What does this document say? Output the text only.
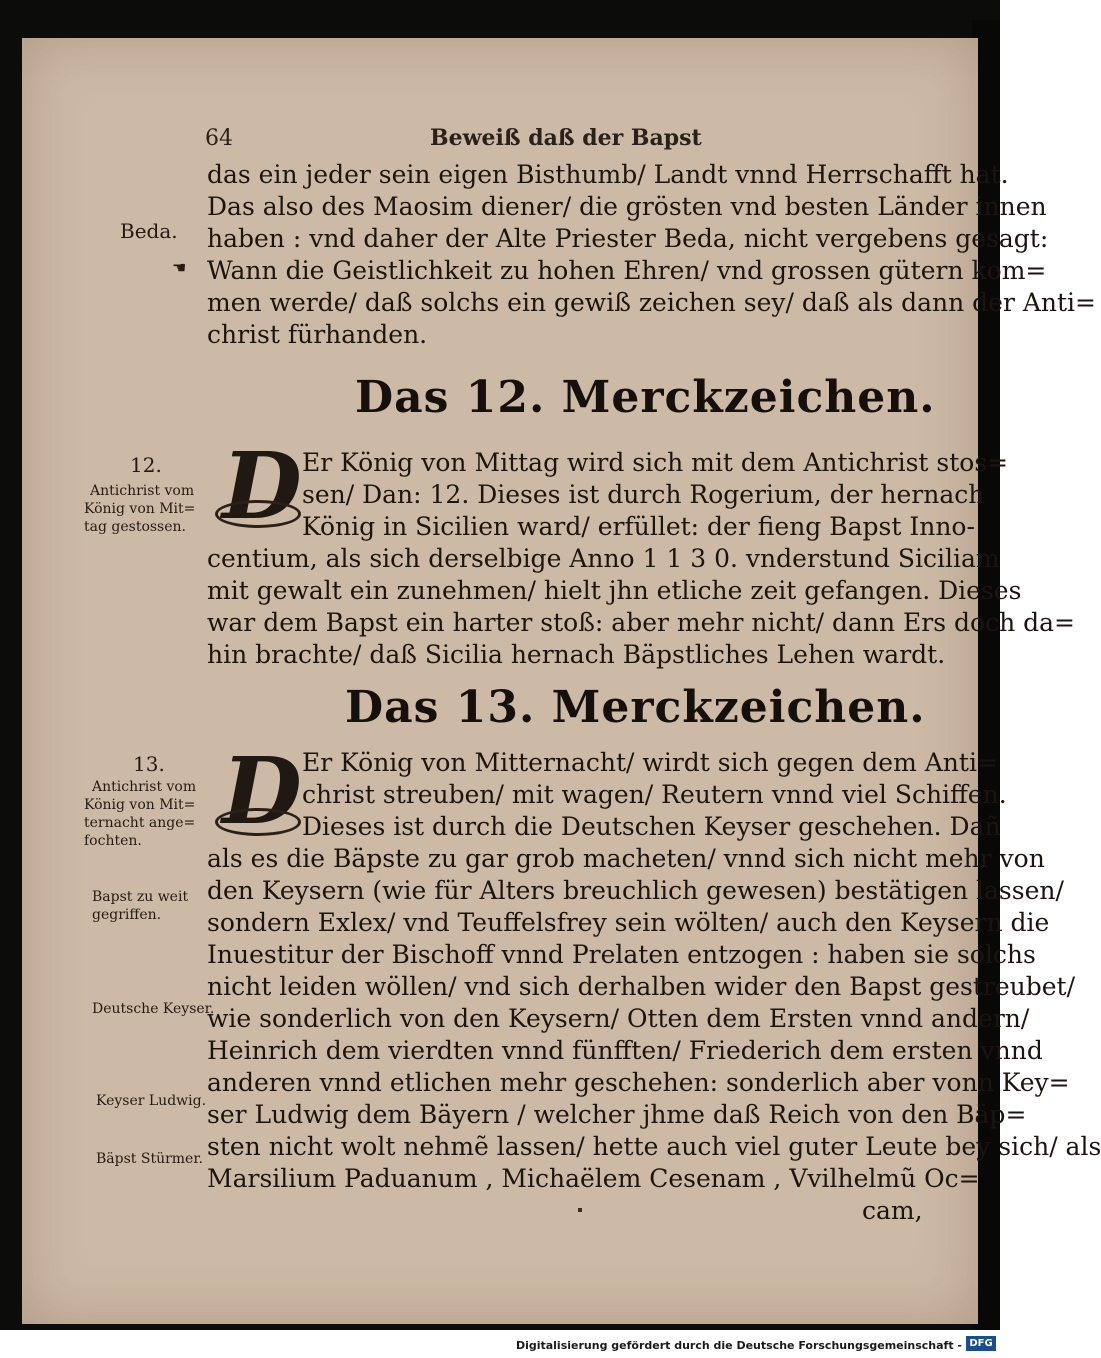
64	Beweiß daß der Bapst
das ein jeder sein eigen Bisthumb/ Landt vnnd Herrschafft hat.
Das also des Maosim diener/ die grösten vnd besten Länder innen
haben : vnd daher der Alte Priester Beda, nicht vergebens gesagt:
Wann die Geistlichkeit zu hohen Ehren/ vnd grossen gütern kom=
men werde/ daß solchs ein gewiß zeichen sey/ daß als dann der Anti=
christ fürhanden.
Beda.
☚
Das 12. Merckzeichen.
D Er König von Mittag wird sich mit dem Antichrist stos=
sen/ Dan: 12. Dieses ist durch Rogerium, der hernach
König in Sicilien ward/ erfüllet: der fieng Bapst Inno-
centium, als sich derselbige Anno 1 1 3 0. vnderstund Siciliam
mit gewalt ein zunehmen/ hielt jhn etliche zeit gefangen. Dieses
war dem Bapst ein harter stoß: aber mehr nicht/ dann Ers doch da=
hin brachte/ daß Sicilia hernach Bäpstliches Lehen wardt.
12.
Antichrist vom
König von Mit=
tag gestossen.
Das 13. Merckzeichen.
D Er König von Mitternacht/ wirdt sich gegen dem Anti=
christ streuben/ mit wagen/ Reutern vnnd viel Schiffen.
Dieses ist durch die Deutschen Keyser geschehen. Dañ
als es die Bäpste zu gar grob macheten/ vnnd sich nicht mehr von
den Keysern (wie für Alters breuchlich gewesen) bestätigen lassen/
sondern Exlex/ vnd Teuffelsfrey sein wölten/ auch den Keysern die
Inuestitur der Bischoff vnnd Prelaten entzogen : haben sie solchs
nicht leiden wöllen/ vnd sich derhalben wider den Bapst gestreubet/
wie sonderlich von den Keysern/ Otten dem Ersten vnnd andern/
Heinrich dem vierdten vnnd fünfften/ Friederich dem ersten vnnd
anderen vnnd etlichen mehr geschehen: sonderlich aber vonn Key=
ser Ludwig dem Bäyern / welcher jhme daß Reich von den Bäp=
sten nicht wolt nehmẽ lassen/ hette auch viel guter Leute bey sich/ als
Marsilium Paduanum , Michaëlem Cesenam , Vvilhelmũ Oc=
cam,
13.
Antichrist vom
König von Mit=
ternacht ange=
fochten.
Bapst zu weit
gegriffen.
Deutsche Keyser.
Keyser Ludwig.
Bäpst Stürmer.
Digitalisierung gefördert durch die Deutsche Forschungsgemeinschaft - DFG
